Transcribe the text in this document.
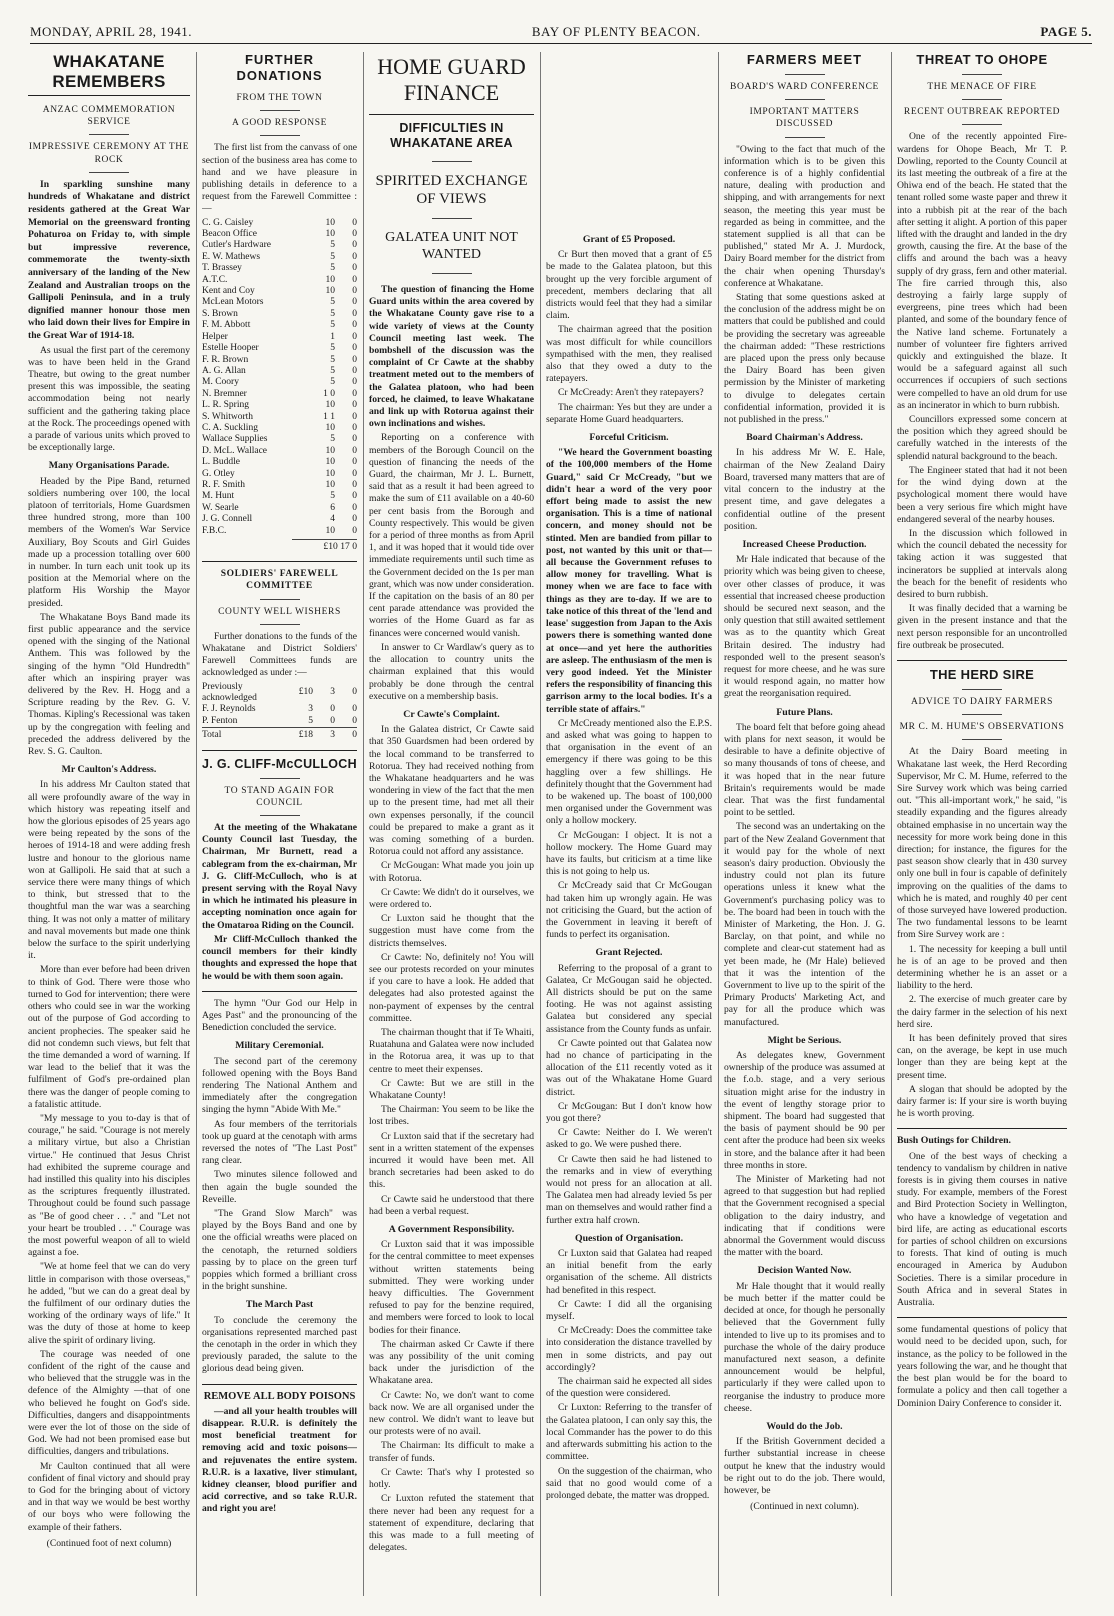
MONDAY, APRIL 28, 1941.	BAY OF PLENTY BEACON.	PAGE 5.
WHAKATANE REMEMBERS
ANZAC COMMEMORATION SERVICE
IMPRESSIVE CEREMONY AT THE ROCK

In sparkling sunshine many hundreds of Whakatane and district residents gathered at the Great War Memorial on the greensward fronting Pohaturoa on Friday to, with simple but impressive reverence, commemorate the twenty-sixth anniversary of the landing of the New Zealand and Australian troops on the Gallipoli Peninsula, and in a truly dignified manner honour those men who laid down their lives for Empire in the Great War of 1914-18.

As usual the first part of the ceremony was to have been held in the Grand Theatre, but owing to the great number present this was impossible, the seating accommodation being not nearly sufficient and the gathering taking place at the Rock. The proceedings opened with a parade of various units which proved to be exceptionally large.

Many Organisations Parade.

Headed by the Pipe Band, returned soldiers numbering over 100, the local platoon of territorials, Home Guardsmen three hundred strong, more than 100 members of the Women's War Service Auxiliary, Boy Scouts and Girl Guides made up a procession totalling over 600 in number. In turn each unit took up its position at the Memorial where on the platform His Worship the Mayor presided.

The Whakatane Boys Band made its first public appearance and the service opened with the singing of the National Anthem. This was followed by the singing of the hymn "Old Hundredth" after which an inspiring prayer was delivered by the Rev. H. Hogg and a Scripture reading by the Rev. G. V. Thomas. Kipling's Recessional was taken up by the congregation with feeling and preceded the address delivered by the Rev. S. G. Caulton.

Mr Caulton's Address.

In his address Mr Caulton stated that all were profoundly aware of the way in which history was repeating itself and how the glorious episodes of 25 years ago were being repeated by the sons of the heroes of 1914-18 and were adding fresh lustre and honour to the glorious name won at Gallipoli. He said that at such a service there were many things of which to think, but stressed that to the thoughtful man the war was a searching thing. It was not only a matter of military and naval movements but made one think below the surface to the spirit underlying it.

More than ever before had been driven to think of God. There were those who turned to God for intervention; there were others who could see in war the working out of the purpose of God according to ancient prophecies. The speaker said he did not condemn such views, but felt that the time demanded a word of warning. If war lead to the belief that it was the fulfilment of God's pre-ordained plan there was the danger of people coming to a fatalistic attitude.

"My message to you to-day is that of courage," he said. "Courage is not merely a military virtue, but also a Christian virtue." He continued that Jesus Christ had exhibited the supreme courage and had instilled this quality into his disciples as the scriptures frequently illustrated. Throughout could be found such passage as "Be of good cheer . . ." and "Let not your heart be troubled . . ." Courage was the most powerful weapon of all to wield against a foe.

"We at home feel that we can do very little in comparison with those overseas," he added, "but we can do a great deal by the fulfilment of our ordinary duties the working of the ordinary ways of life." It was the duty of those at home to keep alive the spirit of ordinary living.

The courage was needed of one confident of the right of the cause and who believed that the struggle was in the defence of the Almighty —that of one who believed he fought on God's side. Difficulties, dangers and disappointments were ever the lot of those on the side of God. We had not been promised ease but difficulties, dangers and tribulations.

Mr Caulton continued that all were confident of final victory and should pray to God for the bringing about of victory and in that way we would be best worthy of our boys who were following the example of their fathers.

(Continued foot of next column)
FURTHER DONATIONS
FROM THE TOWN
A GOOD RESPONSE

The first list from the canvass of one section of the business area has come to hand and we have pleasure in publishing details in deference to a request from the Farewell Committee :—

C. G. Caisley	10	0
Beacon Office	10	0
Cutler's Hardware	5	0
E. W. Mathews	5	0
T. Brassey	5	0
A.T.C.	10	0
Kent and Coy	10	0
McLean Motors	5	0
S. Brown	5	0
F. M. Abbott	5	0
Helper	1	0
Estelle Hooper	5	0
F. R. Brown	5	0
A. G. Allan	5	0
M. Coory	5	0
N. Bremner	1 0	0
L. R. Spring	10	0
S. Whitworth	1 1	0
C. A. Suckling	10	0
Wallace Supplies	5	0
D. McL. Wallace	10	0
L. Buddle	10	0
G. Otley	10	0
R. F. Smith	10	0
M. Hunt	5	0
W. Searle	6	0
J. G. Connell	4	0
F.B.C.	10	0
£10 17 0
SOLDIERS' FAREWELL COMMITTEE
COUNTY WELL WISHERS

Further donations to the funds of the Whakatane and District Soldiers' Farewell Committees funds are acknowledged as under :—

Previously acknowledged	£10	3	0
F. J. Reynolds	3	0	0
P. Fenton	5	0	0
Total	£18	3	0
J. G. CLIFF-McCULLOCH
TO STAND AGAIN FOR COUNCIL

At the meeting of the Whakatane County Council last Tuesday, the Chairman, Mr Burnett, read a cablegram from the ex-chairman, Mr J. G. Cliff-McCulloch, who is at present serving with the Royal Navy in which he intimated his pleasure in accepting nomination once again for the Omataroa Riding on the Council.

Mr Cliff-McCulloch thanked the council members for their kindly thoughts and expressed the hope that he would be with them soon again.

The hymn "Our God our Help in Ages Past" and the pronouncing of the Benediction concluded the service.

Military Ceremonial.

The second part of the ceremony followed opening with the Boys Band rendering The National Anthem and immediately after the congregation singing the hymn "Abide With Me."

As four members of the territorials took up guard at the cenotaph with arms reversed the notes of "The Last Post" rang clear.

Two minutes silence followed and then again the bugle sounded the Reveille.

"The Grand Slow March" was played by the Boys Band and one by one the official wreaths were placed on the cenotaph, the returned soldiers passing by to place on the green turf poppies which formed a brilliant cross in the bright sunshine.

The March Past

To conclude the ceremony the organisations represented marched past the cenotaph in the order in which they previously paraded, the salute to the glorious dead being given.

REMOVE ALL BODY POISONS

—and all your health troubles will disappear. R.U.R. is definitely the most beneficial treatment for removing acid and toxic poisons—and rejuvenates the entire system. R.U.R. is a laxative, liver stimulant, kidney cleanser, blood purifier and acid corrective, and so take R.U.R. and right you are!

HOME GUARD FINANCE
DIFFICULTIES IN WHAKATANE AREA
SPIRITED EXCHANGE OF VIEWS
GALATEA UNIT NOT WANTED

The question of financing the Home Guard units within the area covered by the Whakatane County gave rise to a wide variety of views at the County Council meeting last week. The bombshell of the discussion was the complaint of Cr Cawte at the shabby treatment meted out to the members of the Galatea platoon, who had been forced, he claimed, to leave Whakatane and link up with Rotorua against their own inclinations and wishes.

Reporting on a conference with members of the Borough Council on the question of financing the needs of the Guard, the chairman, Mr J. L. Burnett, said that as a result it had been agreed to make the sum of £11 available on a 40-60 per cent basis from the Borough and County respectively. This would be given for a period of three months as from April 1, and it was hoped that it would tide over immediate requirements until such time as the Government decided on the 1s per man grant, which was now under consideration. If the capitation on the basis of an 80 per cent parade attendance was provided the worries of the Home Guard as far as finances were concerned would vanish.

In answer to Cr Wardlaw's query as to the allocation to country units the chairman explained that this would probably be done through the central executive on a membership basis.

Cr Cawte's Complaint.

In the Galatea district, Cr Cawte said that 350 Guardsmen had been ordered by the local command to be transferred to Rotorua. They had received nothing from the Whakatane headquarters and he was wondering in view of the fact that the men up to the present time, had met all their own expenses personally, if the council could be prepared to make a grant as it was coming something of a burden. Rotorua could not afford any assistance.

Cr McGougan: What made you join up with Rotorua.

Cr Cawte: We didn't do it ourselves, we were ordered to.

Cr Luxton said he thought that the suggestion must have come from the districts themselves.

Cr Cawte: No, definitely no! You will see our protests recorded on your minutes if you care to have a look. He added that delegates had also protested against the non-payment of expenses by the central committee.

The chairman thought that if Te Whaiti, Ruatahuna and Galatea were now included in the Rotorua area, it was up to that centre to meet their expenses.

Cr Cawte: But we are still in the Whakatane County!

The Chairman: You seem to be like the lost tribes.

Cr Luxton said that if the secretary had sent in a written statement of the expenses incurred it would have been met. All branch secretaries had been asked to do this.

Cr Cawte said he understood that there had been a verbal request.

A Government Responsibility.

Cr Luxton said that it was impossible for the central committee to meet expenses without written statements being submitted. They were working under heavy difficulties. The Government refused to pay for the benzine required, and members were forced to look to local bodies for their finance.

The chairman asked Cr Cawte if there was any possibility of the unit coming back under the jurisdiction of the Whakatane area.

Cr Cawte: No, we don't want to come back now. We are all organised under the new control. We didn't want to leave but our protests were of no avail.

The Chairman: Its difficult to make a transfer of funds.

Cr Cawte: That's why I protested so hotly.

Cr Luxton refuted the statement that there never had been any request for a statement of expenditure, declaring that this was made to a full meeting of delegates.

Grant of £5 Proposed.

Cr Burt then moved that a grant of £5 be made to the Galatea platoon, but this brought up the very forcible argument of precedent, members declaring that all districts would feel that they had a similar claim.

The chairman agreed that the position was most difficult for while councillors sympathised with the men, they realised also that they owed a duty to the ratepayers.

Cr McCready: Aren't they ratepayers?

The chairman: Yes but they are under a separate Home Guard headquarters.

Forceful Criticism.

"We heard the Government boasting of the 100,000 members of the Home Guard," said Cr McCready, "but we didn't hear a word of the very poor effort being made to assist the new organisation. This is a time of national concern, and money should not be stinted. Men are bandied from pillar to post, not wanted by this unit or that—all because the Government refuses to allow money for travelling. What is money when we are face to face with things as they are to-day. If we are to take notice of this threat of the 'lend and lease' suggestion from Japan to the Axis powers there is something wanted done at once—and yet here the authorities are asleep. The enthusiasm of the men is very good indeed. Yet the Minister refers the responsibility of financing this garrison army to the local bodies. It's a terrible state of affairs."

Cr McCready mentioned also the E.P.S. and asked what was going to happen to that organisation in the event of an emergency if there was going to be this haggling over a few shillings. He definitely thought that the Government had to be wakened up. The boast of 100,000 men organised under the Government was only a hollow mockery.

Cr McGougan: I object. It is not a hollow mockery. The Home Guard may have its faults, but criticism at a time like this is not going to help us.

Cr McCready said that Cr McGougan had taken him up wrongly again. He was not criticising the Guard, but the action of the Government in leaving it bereft of funds to perfect its organisation.

Grant Rejected.

Referring to the proposal of a grant to Galatea, Cr McGougan said he objected. All districts should be put on the same footing. He was not against assisting Galatea but considered any special assistance from the County funds as unfair.

Cr Cawte pointed out that Galatea now had no chance of participating in the allocation of the £11 recently voted as it was out of the Whakatane Home Guard district.

Cr McGougan: But I don't know how you got there?

Cr Cawte: Neither do I. We weren't asked to go. We were pushed there.

Cr Cawte then said he had listened to the remarks and in view of everything would not press for an allocation at all. The Galatea men had already levied 5s per man on themselves and would rather find a further extra half crown.

Question of Organisation.

Cr Luxton said that Galatea had reaped an initial benefit from the early organisation of the scheme. All districts had benefited in this respect.

Cr Cawte: I did all the organising myself.

Cr McCready: Does the committee take into consideration the distance travelled by men in some districts, and pay out accordingly?

The chairman said he expected all sides of the question were considered.

Cr Luxton: Referring to the transfer of the Galatea platoon, I can only say this, the local Commander has the power to do this and afterwards submitting his action to the committee.

On the suggestion of the chairman, who said that no good would come of a prolonged debate, the matter was dropped.

FARMERS MEET
BOARD'S WARD CONFERENCE
IMPORTANT MATTERS DISCUSSED

"Owing to the fact that much of the information which is to be given this conference is of a highly confidential nature, dealing with production and shipping, and with arrangements for next season, the meeting this year must be regarded as being in committee, and the statement supplied is all that can be published," stated Mr A. J. Murdock, Dairy Board member for the district from the chair when opening Thursday's conference at Whakatane.

Stating that some questions asked at the conclusion of the address might be on matters that could be published and could be providing the secretary was agreeable the chairman added: "These restrictions are placed upon the press only because the Dairy Board has been given permission by the Minister of marketing to divulge to delegates certain confidential information, provided it is not published in the press."

Board Chairman's Address.

In his address Mr W. E. Hale, chairman of the New Zealand Dairy Board, traversed many matters that are of vital concern to the industry at the present time, and gave delegates a confidential outline of the present position.

Increased Cheese Production.

Mr Hale indicated that because of the priority which was being given to cheese, over other classes of produce, it was essential that increased cheese production should be secured next season, and the only question that still awaited settlement was as to the quantity which Great Britain desired. The industry had responded well to the present season's request for more cheese, and he was sure it would respond again, no matter how great the reorganisation required.

Future Plans.

The board felt that before going ahead with plans for next season, it would be desirable to have a definite objective of so many thousands of tons of cheese, and it was hoped that in the near future Britain's requirements would be made clear. That was the first fundamental point to be settled.

The second was an undertaking on the part of the New Zealand Government that it would pay for the whole of next season's dairy production. Obviously the industry could not plan its future operations unless it knew what the Government's purchasing policy was to be. The board had been in touch with the Minister of Marketing, the Hon. J. G. Barclay, on that point, and while no complete and clear-cut statement had as yet been made, he (Mr Hale) believed that it was the intention of the Government to live up to the spirit of the Primary Products' Marketing Act, and pay for all the produce which was manufactured.

Might be Serious.

As delegates knew, Government ownership of the produce was assumed at the f.o.b. stage, and a very serious situation might arise for the industry in the event of lengthy storage prior to shipment. The board had suggested that the basis of payment should be 90 per cent after the produce had been six weeks in store, and the balance after it had been three months in store.

The Minister of Marketing had not agreed to that suggestion but had replied that the Government recognised a special obligation to the dairy industry, and indicating that if conditions were abnormal the Government would discuss the matter with the board.

Decision Wanted Now.

Mr Hale thought that it would really be much better if the matter could be decided at once, for though he personally believed that the Government fully intended to live up to its promises and to purchase the whole of the dairy produce manufactured next season, a definite announcement would be helpful, particularly if they were called upon to reorganise the industry to produce more cheese.

Would do the Job.

If the British Government decided a further substantial increase in cheese output he knew that the industry would be right out to do the job. There would, however, be

(Continued in next column).
THREAT TO OHOPE
THE MENACE OF FIRE
RECENT OUTBREAK REPORTED

One of the recently appointed Fire-wardens for Ohope Beach, Mr T. P. Dowling, reported to the County Council at its last meeting the outbreak of a fire at the Ohiwa end of the beach. He stated that the tenant rolled some waste paper and threw it into a rubbish pit at the rear of the bach after setting it alight. A portion of this paper lifted with the draught and landed in the dry growth, causing the fire. At the base of the cliffs and around the bach was a heavy supply of dry grass, fern and other material. The fire carried through this, also destroying a fairly large supply of evergreens, pine trees which had been planted, and some of the boundary fence of the Native land scheme. Fortunately a number of volunteer fire fighters arrived quickly and extinguished the blaze. It would be a safeguard against all such occurrences if occupiers of such sections were compelled to have an old drum for use as an incinerator in which to burn rubbish.

Councillors expressed some concern at the position which they agreed should be carefully watched in the interests of the splendid natural background to the beach.

The Engineer stated that had it not been for the wind dying down at the psychological moment there would have been a very serious fire which might have endangered several of the nearby houses.

In the discussion which followed in which the council debated the necessity for taking action it was suggested that incinerators be supplied at intervals along the beach for the benefit of residents who desired to burn rubbish.

It was finally decided that a warning be given in the present instance and that the next person responsible for an uncontrolled fire outbreak be prosecuted.

THE HERD SIRE
ADVICE TO DAIRY FARMERS
MR C. M. HUME'S OBSERVATIONS

At the Dairy Board meeting in Whakatane last week, the Herd Recording Supervisor, Mr C. M. Hume, referred to the Sire Survey work which was being carried out. "This all-important work," he said, "is steadily expanding and the figures already obtained emphasise in no uncertain way the necessity for more work being done in this direction; for instance, the figures for the past season show clearly that in 430 survey only one bull in four is capable of definitely improving on the qualities of the dams to which he is mated, and roughly 40 per cent of those surveyed have lowered production. The two fundamental lessons to be learnt from Sire Survey work are :

1. The necessity for keeping a bull until he is of an age to be proved and then determining whether he is an asset or a liability to the herd.

2. The exercise of much greater care by the dairy farmer in the selection of his next herd sire.

It has been definitely proved that sires can, on the average, be kept in use much longer than they are being kept at the present time.

A slogan that should be adopted by the dairy farmer is: If your sire is worth buying he is worth proving.

Bush Outings for Children.

One of the best ways of checking a tendency to vandalism by children in native forests is in giving them courses in native study. For example, members of the Forest and Bird Protection Society in Wellington, who have a knowledge of vegetation and bird life, are acting as educational escorts for parties of school children on excursions to forests. That kind of outing is much encouraged in America by Audubon Societies. There is a similar procedure in South Africa and in several States in Australia.

some fundamental questions of policy that would need to be decided upon, such, for instance, as the policy to be followed in the years following the war, and he thought that the best plan would be for the board to formulate a policy and then call together a Dominion Dairy Conference to consider it.
